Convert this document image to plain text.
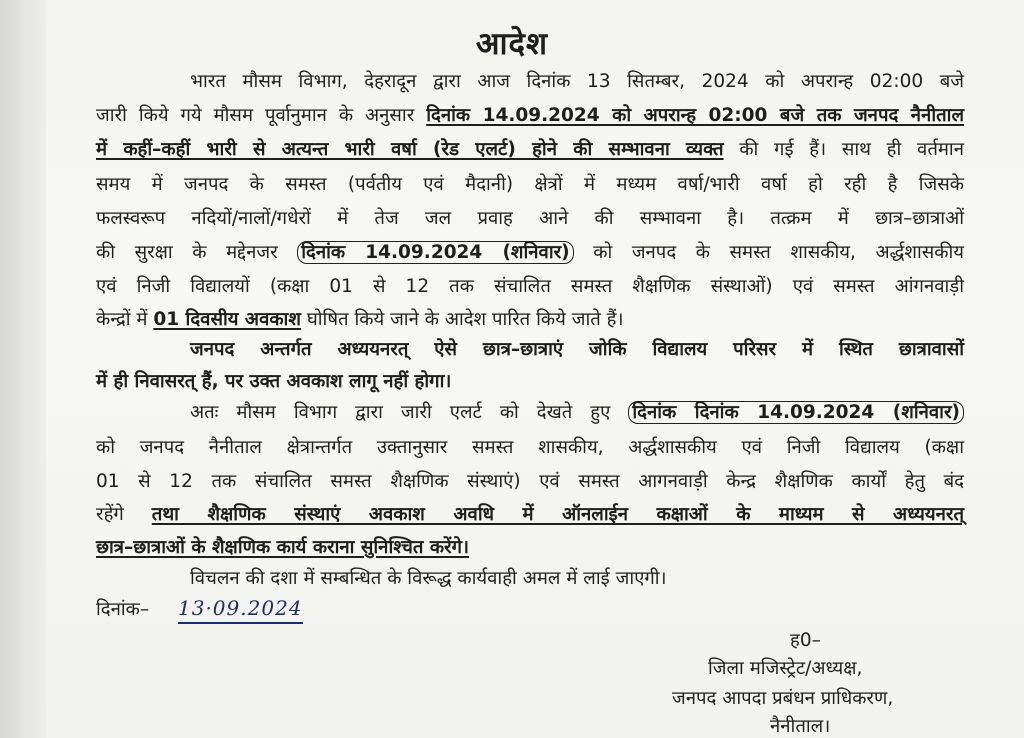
आदेश
भारत मौसम विभाग, देहरादून द्वारा आज दिनांक 13 सितम्बर, 2024 को अपरान्ह 02:00 बजे
जारी किये गये मौसम पूर्वानुमान के अनुसार दिनांक 14.09.2024 को अपरान्ह 02:00 बजे तक जनपद नैनीताल
में कहीं–कहीं भारी से अत्यन्त भारी वर्षा (रेड एलर्ट) होने की सम्भावना व्यक्त की गई हैं। साथ ही वर्तमान
समय में जनपद के समस्त (पर्वतीय एवं मैदानी) क्षेत्रों में मध्यम वर्षा/भारी वर्षा हो रही है जिसके
फलस्वरूप नदियों/नालों/गधेरों में तेज जल प्रवाह आने की सम्भावना है। तत्क्रम में छात्र–छात्राओं
की सुरक्षा के मद्देनजर दिनांक 14.09.2024 (शनिवार) को जनपद के समस्त शासकीय, अर्द्धशासकीय
एवं निजी विद्यालयों (कक्षा 01 से 12 तक संचालित समस्त शैक्षणिक संस्थाओं) एवं समस्त आंगनवाड़ी
केन्द्रों में 01 दिवसीय अवकाश घोषित किये जाने के आदेश पारित किये जाते हैं।
जनपद अन्तर्गत अध्ययनरत् ऐसे छात्र–छात्राएं जोकि विद्यालय परिसर में स्थित छात्रावासों
में ही निवासरत् हैं, पर उक्त अवकाश लागू नहीं होगा।
अतः मौसम विभाग द्वारा जारी एलर्ट को देखते हुए दिनांक दिनांक 14.09.2024 (शनिवार)
को जनपद नैनीताल क्षेत्रान्तर्गत उक्तानुसार समस्त शासकीय, अर्द्धशासकीय एवं निजी विद्यालय (कक्षा
01 से 12 तक संचालित समस्त शैक्षणिक संस्थाएं) एवं समस्त आगनवाड़ी केन्द्र शैक्षणिक कार्यों हेतु बंद
रहेंगे तथा शैक्षणिक संस्थाएं अवकाश अवधि में ऑनलाईन कक्षाओं के माध्यम से अध्ययनरत्
छात्र–छात्राओं के शैक्षणिक कार्य कराना सुनिश्चित करेंगे।
विचलन की दशा में सम्बन्धित के विरूद्ध कार्यवाही अमल में लाई जाएगी।
दिनांक– 13·09.2024
ह0–
जिला मजिस्ट्रेट/अध्यक्ष,
जनपद आपदा प्रबंधन प्राधिकरण,
नैनीताल।
